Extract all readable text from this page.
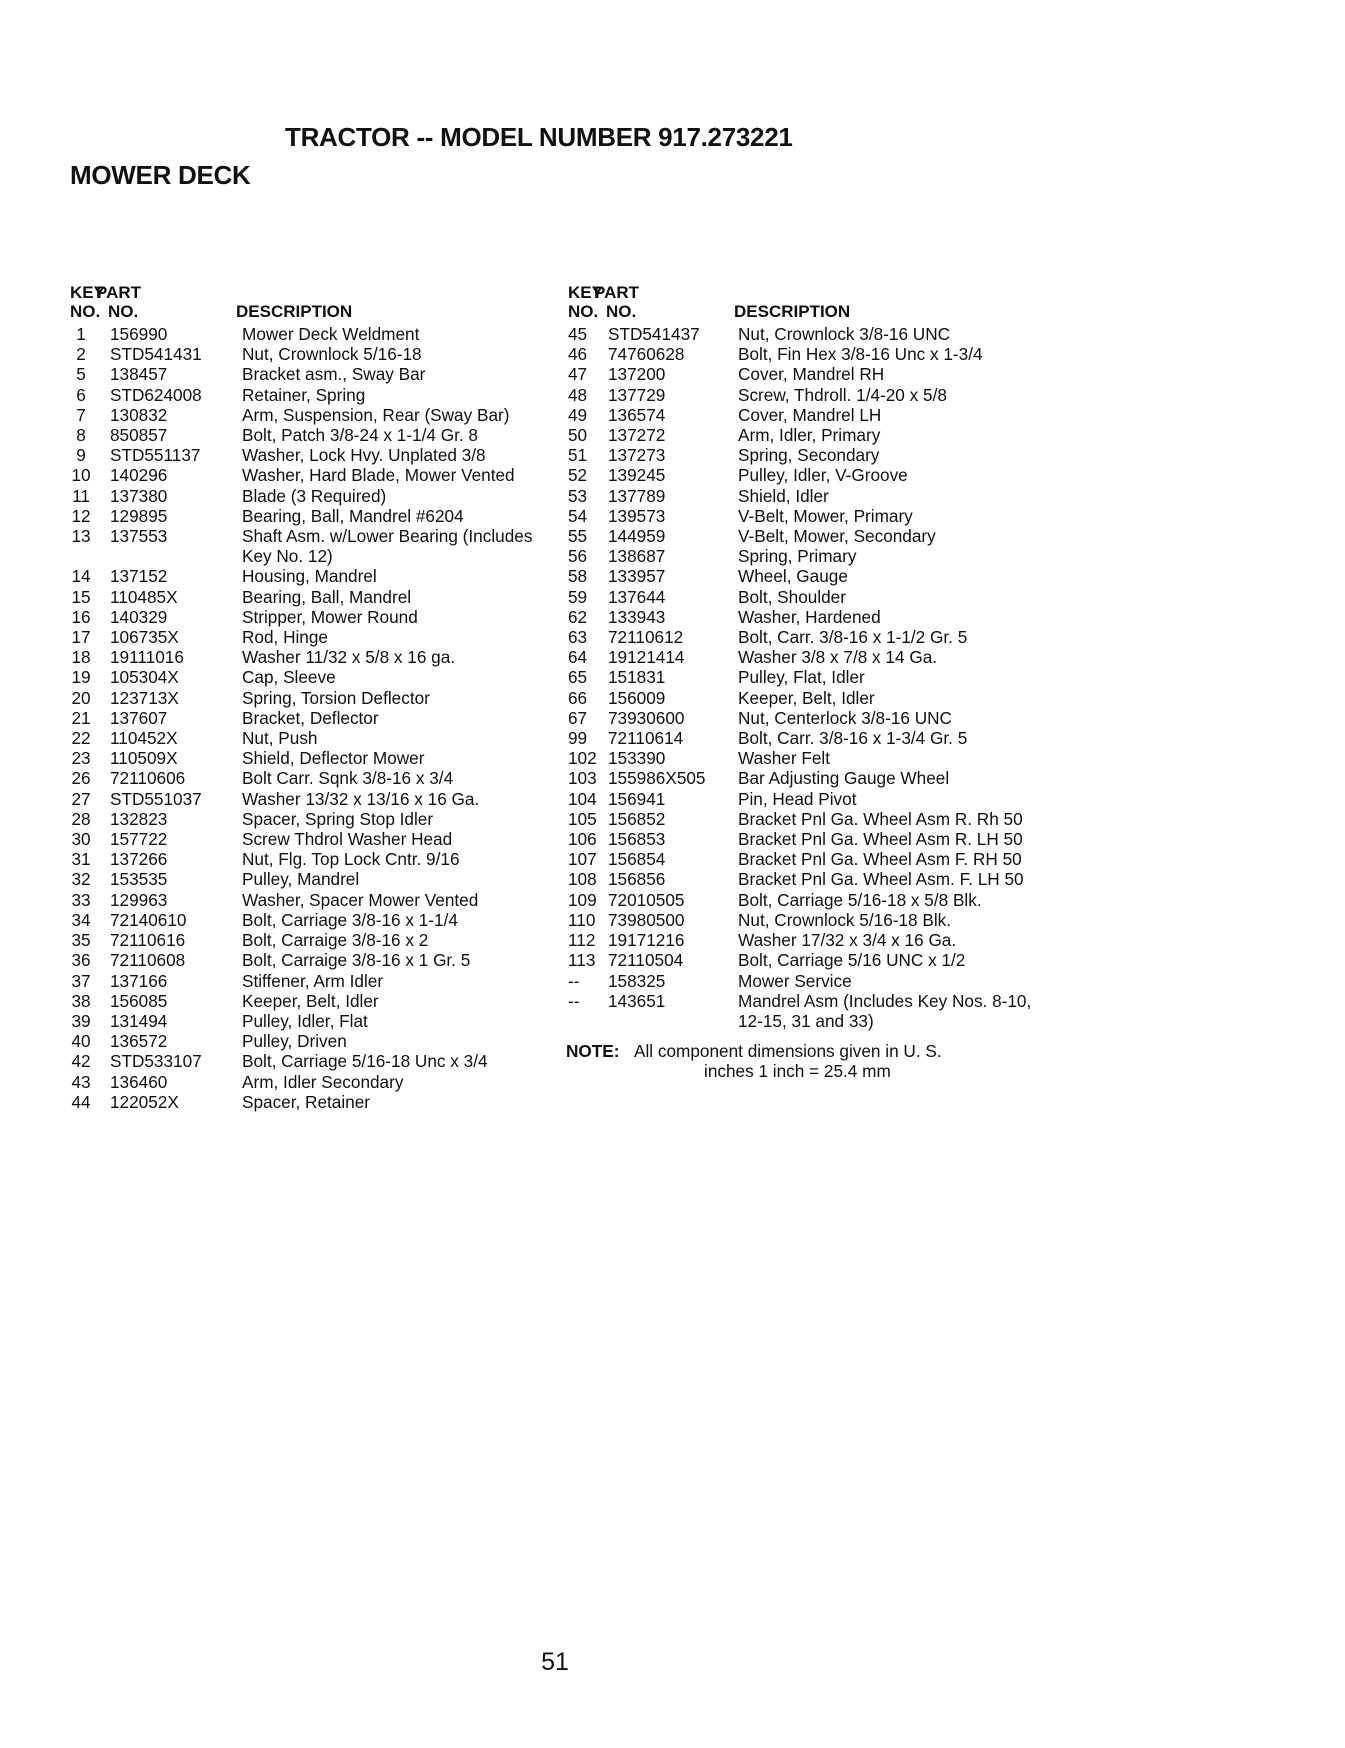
TRACTOR -- MODEL NUMBER 917.273221
MOWER DECK
KEY
NO.
PART
NO.	DESCRIPTION
1	156990	Mower Deck Weldment
2	STD541431 Nut, Crownlock 5/16-18
5	138457	Bracket asm., Sway Bar
6	STD624008 Retainer, Spring
7	130832	Arm, Suspension, Rear (Sway Bar)
8	850857	Bolt, Patch 3/8-24 x 1-1/4 Gr. 8
9	STD551137 Washer, Lock Hvy. Unplated 3/8
10 140296	Washer, Hard Blade, Mower Vented
11 137380	Blade (3 Required)
12 129895	Bearing, Ball, Mandrel #6204
13 137553	Shaft Asm. w/Lower Bearing (Includes Key No. 12)
14 137152	Housing, Mandrel
15 110485X	Bearing, Ball, Mandrel
16 140329	Stripper, Mower Round
17 106735X	Rod, Hinge
18 19111016	Washer 11/32 x 5/8 x 16 ga.
19 105304X	Cap, Sleeve
20 123713X	Spring, Torsion Deflector
21 137607	Bracket, Deflector
22 110452X	Nut, Push
23 110509X	Shield, Deflector Mower
26 72110606	Bolt Carr. Sqnk 3/8-16 x 3/4
27 STD551037 Washer 13/32 x 13/16 x 16 Ga.
28 132823	Spacer, Spring Stop Idler
30 157722	Screw Thdrol Washer Head
31 137266	Nut, Flg. Top Lock Cntr. 9/16
32 153535	Pulley, Mandrel
33 129963	Washer, Spacer Mower Vented
34 72140610	Bolt, Carriage 3/8-16 x 1-1/4
35 72110616	Bolt, Carraige 3/8-16 x 2
36 72110608	Bolt, Carraige 3/8-16 x 1 Gr. 5
37 137166	Stiffener, Arm Idler
38 156085	Keeper, Belt, Idler
39 131494	Pulley, Idler, Flat
40 136572	Pulley, Driven
42 STD533107 Bolt, Carriage 5/16-18 Unc x 3/4
43 136460	Arm, Idler Secondary
44 122052X	Spacer, Retainer
KEY
NO.
PART
NO.	DESCRIPTION
45	STD541437 Nut, Crownlock 3/8-16 UNC
46	74760628	Bolt, Fin Hex 3/8-16 Unc x 1-3/4
47	137200	Cover, Mandrel RH
48	137729	Screw, Thdroll. 1/4-20 x 5/8
49	136574	Cover, Mandrel LH
50	137272	Arm, Idler, Primary
51	137273	Spring, Secondary
52	139245	Pulley, Idler, V-Groove
53	137789	Shield, Idler
54	139573	V-Belt, Mower, Primary
55	144959	V-Belt, Mower, Secondary
56	138687	Spring, Primary
58	133957	Wheel, Gauge
59	137644	Bolt, Shoulder
62	133943	Washer, Hardened
63	72110612	Bolt, Carr. 3/8-16 x 1-1/2 Gr. 5
64	19121414	Washer 3/8 x 7/8 x 14 Ga.
65	151831	Pulley, Flat, Idler
66	156009	Keeper, Belt, Idler
67	73930600	Nut, Centerlock 3/8-16 UNC
99	72110614	Bolt, Carr. 3/8-16 x 1-3/4 Gr. 5
102 153390	Washer Felt
103 155986X505 Bar Adjusting Gauge Wheel
104 156941	Pin, Head Pivot
105 156852	Bracket Pnl Ga. Wheel Asm R. Rh 50
106 156853	Bracket Pnl Ga. Wheel Asm R. LH 50
107 156854	Bracket Pnl Ga. Wheel Asm F. RH 50
108 156856	Bracket Pnl Ga. Wheel Asm. F. LH 50
109 72010505	Bolt, Carriage 5/16-18 x 5/8 Blk.
110 73980500	Nut, Crownlock 5/16-18 Blk.
112 19171216	Washer 17/32 x 3/4 x 16 Ga.
113 72110504	Bolt, Carriage 5/16 UNC x 1/2
--	158325	Mower Service
--	143651	Mandrel Asm (Includes Key Nos. 8-10, 12-15, 31 and 33)
NOTE: All component dimensions given in U. S.
inches 1 inch = 25.4 mm
51
